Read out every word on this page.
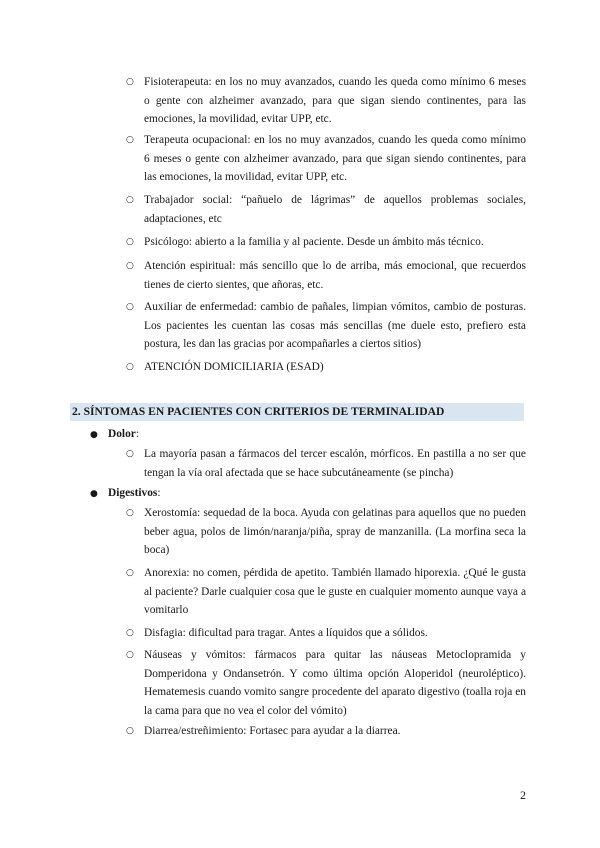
○ Fisioterapeuta: en los no muy avanzados, cuando les queda como mínimo 6 meses o gente con alzheimer avanzado, para que sigan siendo continentes, para las emociones, la movilidad, evitar UPP, etc.
○ Terapeuta ocupacional: en los no muy avanzados, cuando les queda como mínimo 6 meses o gente con alzheimer avanzado, para que sigan siendo continentes, para las emociones, la movilidad, evitar UPP, etc.
○ Trabajador social: “pañuelo de lágrimas” de aquellos problemas sociales, adaptaciones, etc
○ Psicólogo: abierto a la familia y al paciente. Desde un ámbito más técnico.
○ Atención espiritual: más sencillo que lo de arriba, más emocional, que recuerdos tienes de cierto sientes, que añoras, etc.
○ Auxiliar de enfermedad: cambio de pañales, limpian vómitos, cambio de posturas. Los pacientes les cuentan las cosas más sencillas (me duele esto, prefiero esta postura, les dan las gracias por acompañarles a ciertos sitios)
○ ATENCIÓN DOMICILIARIA (ESAD)
2. SÍNTOMAS EN PACIENTES CON CRITERIOS DE TERMINALIDAD
● Dolor:
○ La mayoría pasan a fármacos del tercer escalón, mórficos. En pastilla a no ser que tengan la vía oral afectada que se hace subcutáneamente (se pincha)
● Digestivos:
○ Xerostomía: sequedad de la boca. Ayuda con gelatinas para aquellos que no pueden beber agua, polos de limón/naranja/piña, spray de manzanilla. (La morfina seca la boca)
○ Anorexia: no comen, pérdida de apetito. También llamado hiporexia. ¿Qué le gusta al paciente? Darle cualquier cosa que le guste en cualquier momento aunque vaya a vomitarlo
○ Disfagia: dificultad para tragar. Antes a líquidos que a sólidos.
○ Náuseas y vómitos: fármacos para quitar las náuseas Metoclopramida y Domperidona y Ondansetrón. Y como última opción Aloperidol (neuroléptico). Hematemesis cuando vomito sangre procedente del aparato digestivo (toalla roja en la cama para que no vea el color del vómito)
○ Diarrea/estreñimiento: Fortasec para ayudar a la diarrea.
2
